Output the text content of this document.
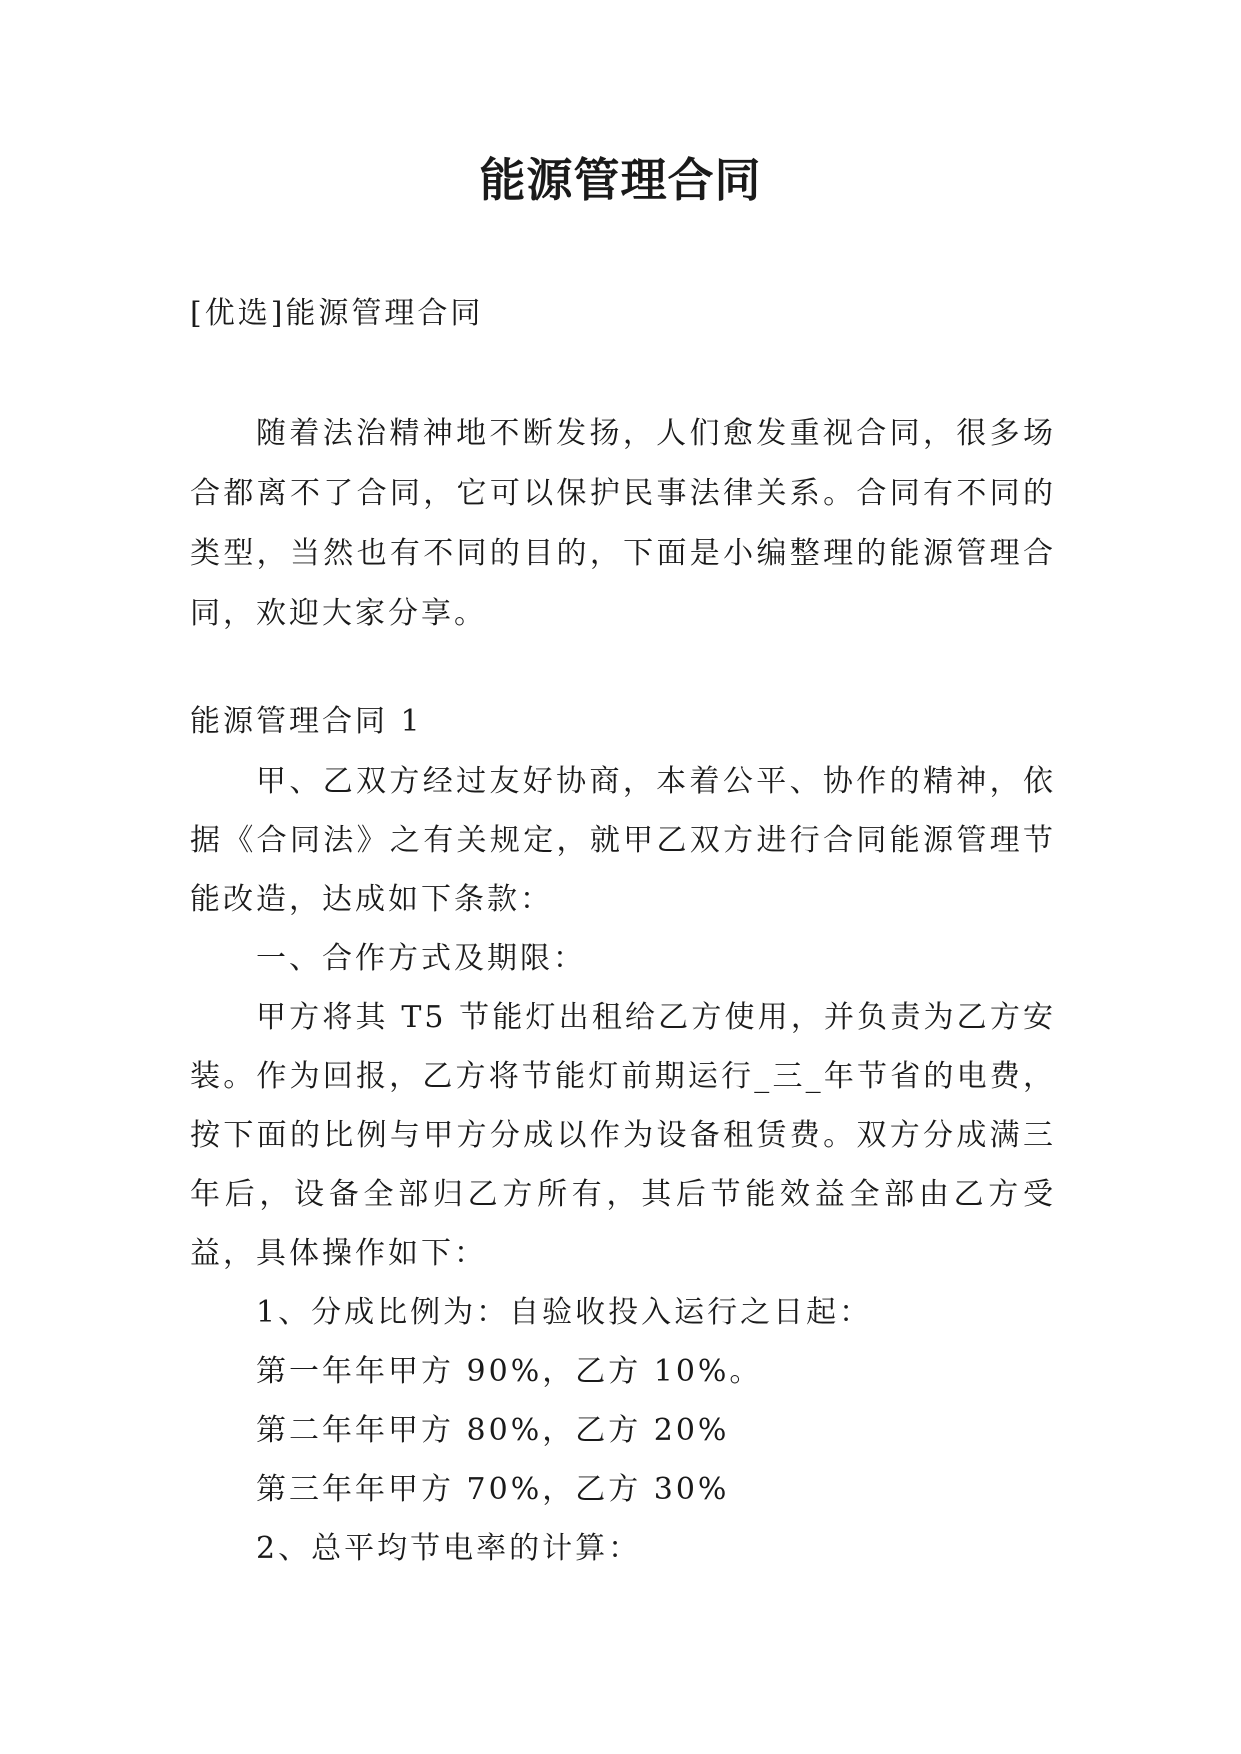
能源管理合同
[优选]能源管理合同
随着法治精神地不断发扬，人们愈发重视合同，很多场合都离不了合同，它可以保护民事法律关系。合同有不同的类型，当然也有不同的目的，下面是小编整理的能源管理合同，欢迎大家分享。
能源管理合同 1

甲、乙双方经过友好协商，本着公平、协作的精神，依据《合同法》之有关规定，就甲乙双方进行合同能源管理节能改造，达成如下条款：

一、合作方式及期限：

甲方将其 T5 节能灯出租给乙方使用，并负责为乙方安装。作为回报，乙方将节能灯前期运行_三_年节省的电费，按下面的比例与甲方分成以作为设备租赁费。双方分成满三年后，设备全部归乙方所有，其后节能效益全部由乙方受益，具体操作如下：

1、分成比例为：自验收投入运行之日起：

第一年年甲方 90%，乙方 10%。

第二年年甲方 80%，乙方 20%

第三年年甲方 70%，乙方 30%

2、总平均节电率的计算：
